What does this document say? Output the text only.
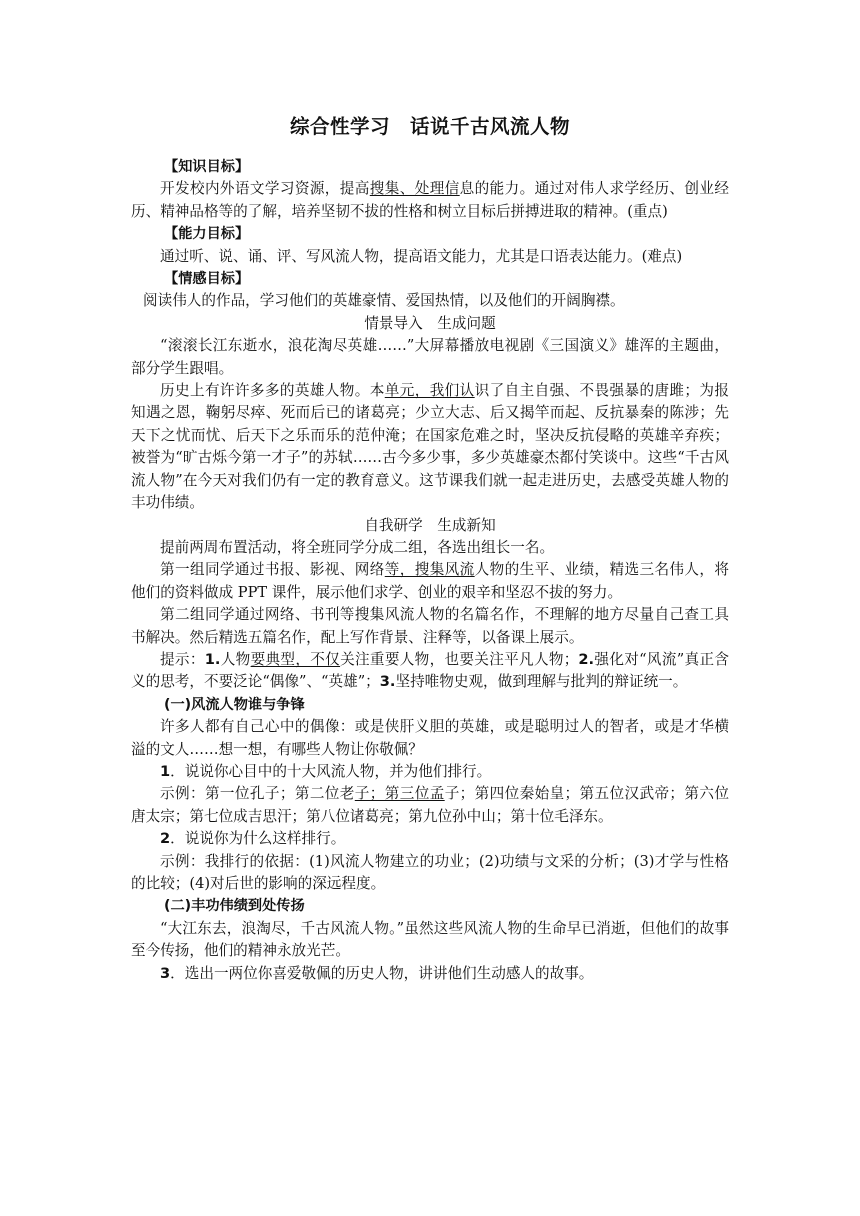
综合性学习　话说千古风流人物
【知识目标】

开发校内外语文学习资源，提高搜集、处理信息的能力。通过对伟人求学经历、创业经历、精神品格等的了解，培养坚韧不拔的性格和树立目标后拼搏进取的精神。(重点)

【能力目标】

通过听、说、诵、评、写风流人物，提高语文能力，尤其是口语表达能力。(难点)

【情感目标】

阅读伟人的作品，学习他们的英雄豪情、爱国热情，以及他们的开阔胸襟。

情景导入　生成问题

“滚滚长江东逝水，浪花淘尽英雄……”大屏幕播放电视剧《三国演义》雄浑的主题曲，部分学生跟唱。

历史上有许许多多的英雄人物。本单元，我们认识了自主自强、不畏强暴的唐雎；为报知遇之恩，鞠躬尽瘁、死而后已的诸葛亮；少立大志、后又揭竿而起、反抗暴秦的陈涉；先天下之忧而忧、后天下之乐而乐的范仲淹；在国家危难之时，坚决反抗侵略的英雄辛弃疾；被誉为“旷古烁今第一才子”的苏轼……古今多少事，多少英雄豪杰都付笑谈中。这些“千古风流人物”在今天对我们仍有一定的教育意义。这节课我们就一起走进历史，去感受英雄人物的丰功伟绩。

自我研学　生成新知

提前两周布置活动，将全班同学分成二组，各选出组长一名。

第一组同学通过书报、影视、网络等，搜集风流人物的生平、业绩，精选三名伟人，将他们的资料做成 PPT 课件，展示他们求学、创业的艰辛和坚忍不拔的努力。

第二组同学通过网络、书刊等搜集风流人物的名篇名作，不理解的地方尽量自己查工具书解决。然后精选五篇名作，配上写作背景、注释等，以备课上展示。

提示：1.人物要典型，不仅关注重要人物，也要关注平凡人物；2.强化对“风流”真正含义的思考，不要泛论“偶像”、“英雄”；3.坚持唯物史观，做到理解与批判的辩证统一。

(一)风流人物谁与争锋

许多人都有自己心中的偶像：或是侠肝义胆的英雄，或是聪明过人的智者，或是才华横溢的文人……想一想，有哪些人物让你敬佩？

1．说说你心目中的十大风流人物，并为他们排行。

示例：第一位孔子；第二位老子；第三位孟子；第四位秦始皇；第五位汉武帝；第六位唐太宗；第七位成吉思汗；第八位诸葛亮；第九位孙中山；第十位毛泽东。

2．说说你为什么这样排行。

示例：我排行的依据：(1)风流人物建立的功业；(2)功绩与文采的分析；(3)才学与性格的比较；(4)对后世的影响的深远程度。

(二)丰功伟绩到处传扬

“大江东去，浪淘尽，千古风流人物。”虽然这些风流人物的生命早已消逝，但他们的故事至今传扬，他们的精神永放光芒。

3．选出一两位你喜爱敬佩的历史人物，讲讲他们生动感人的故事。
